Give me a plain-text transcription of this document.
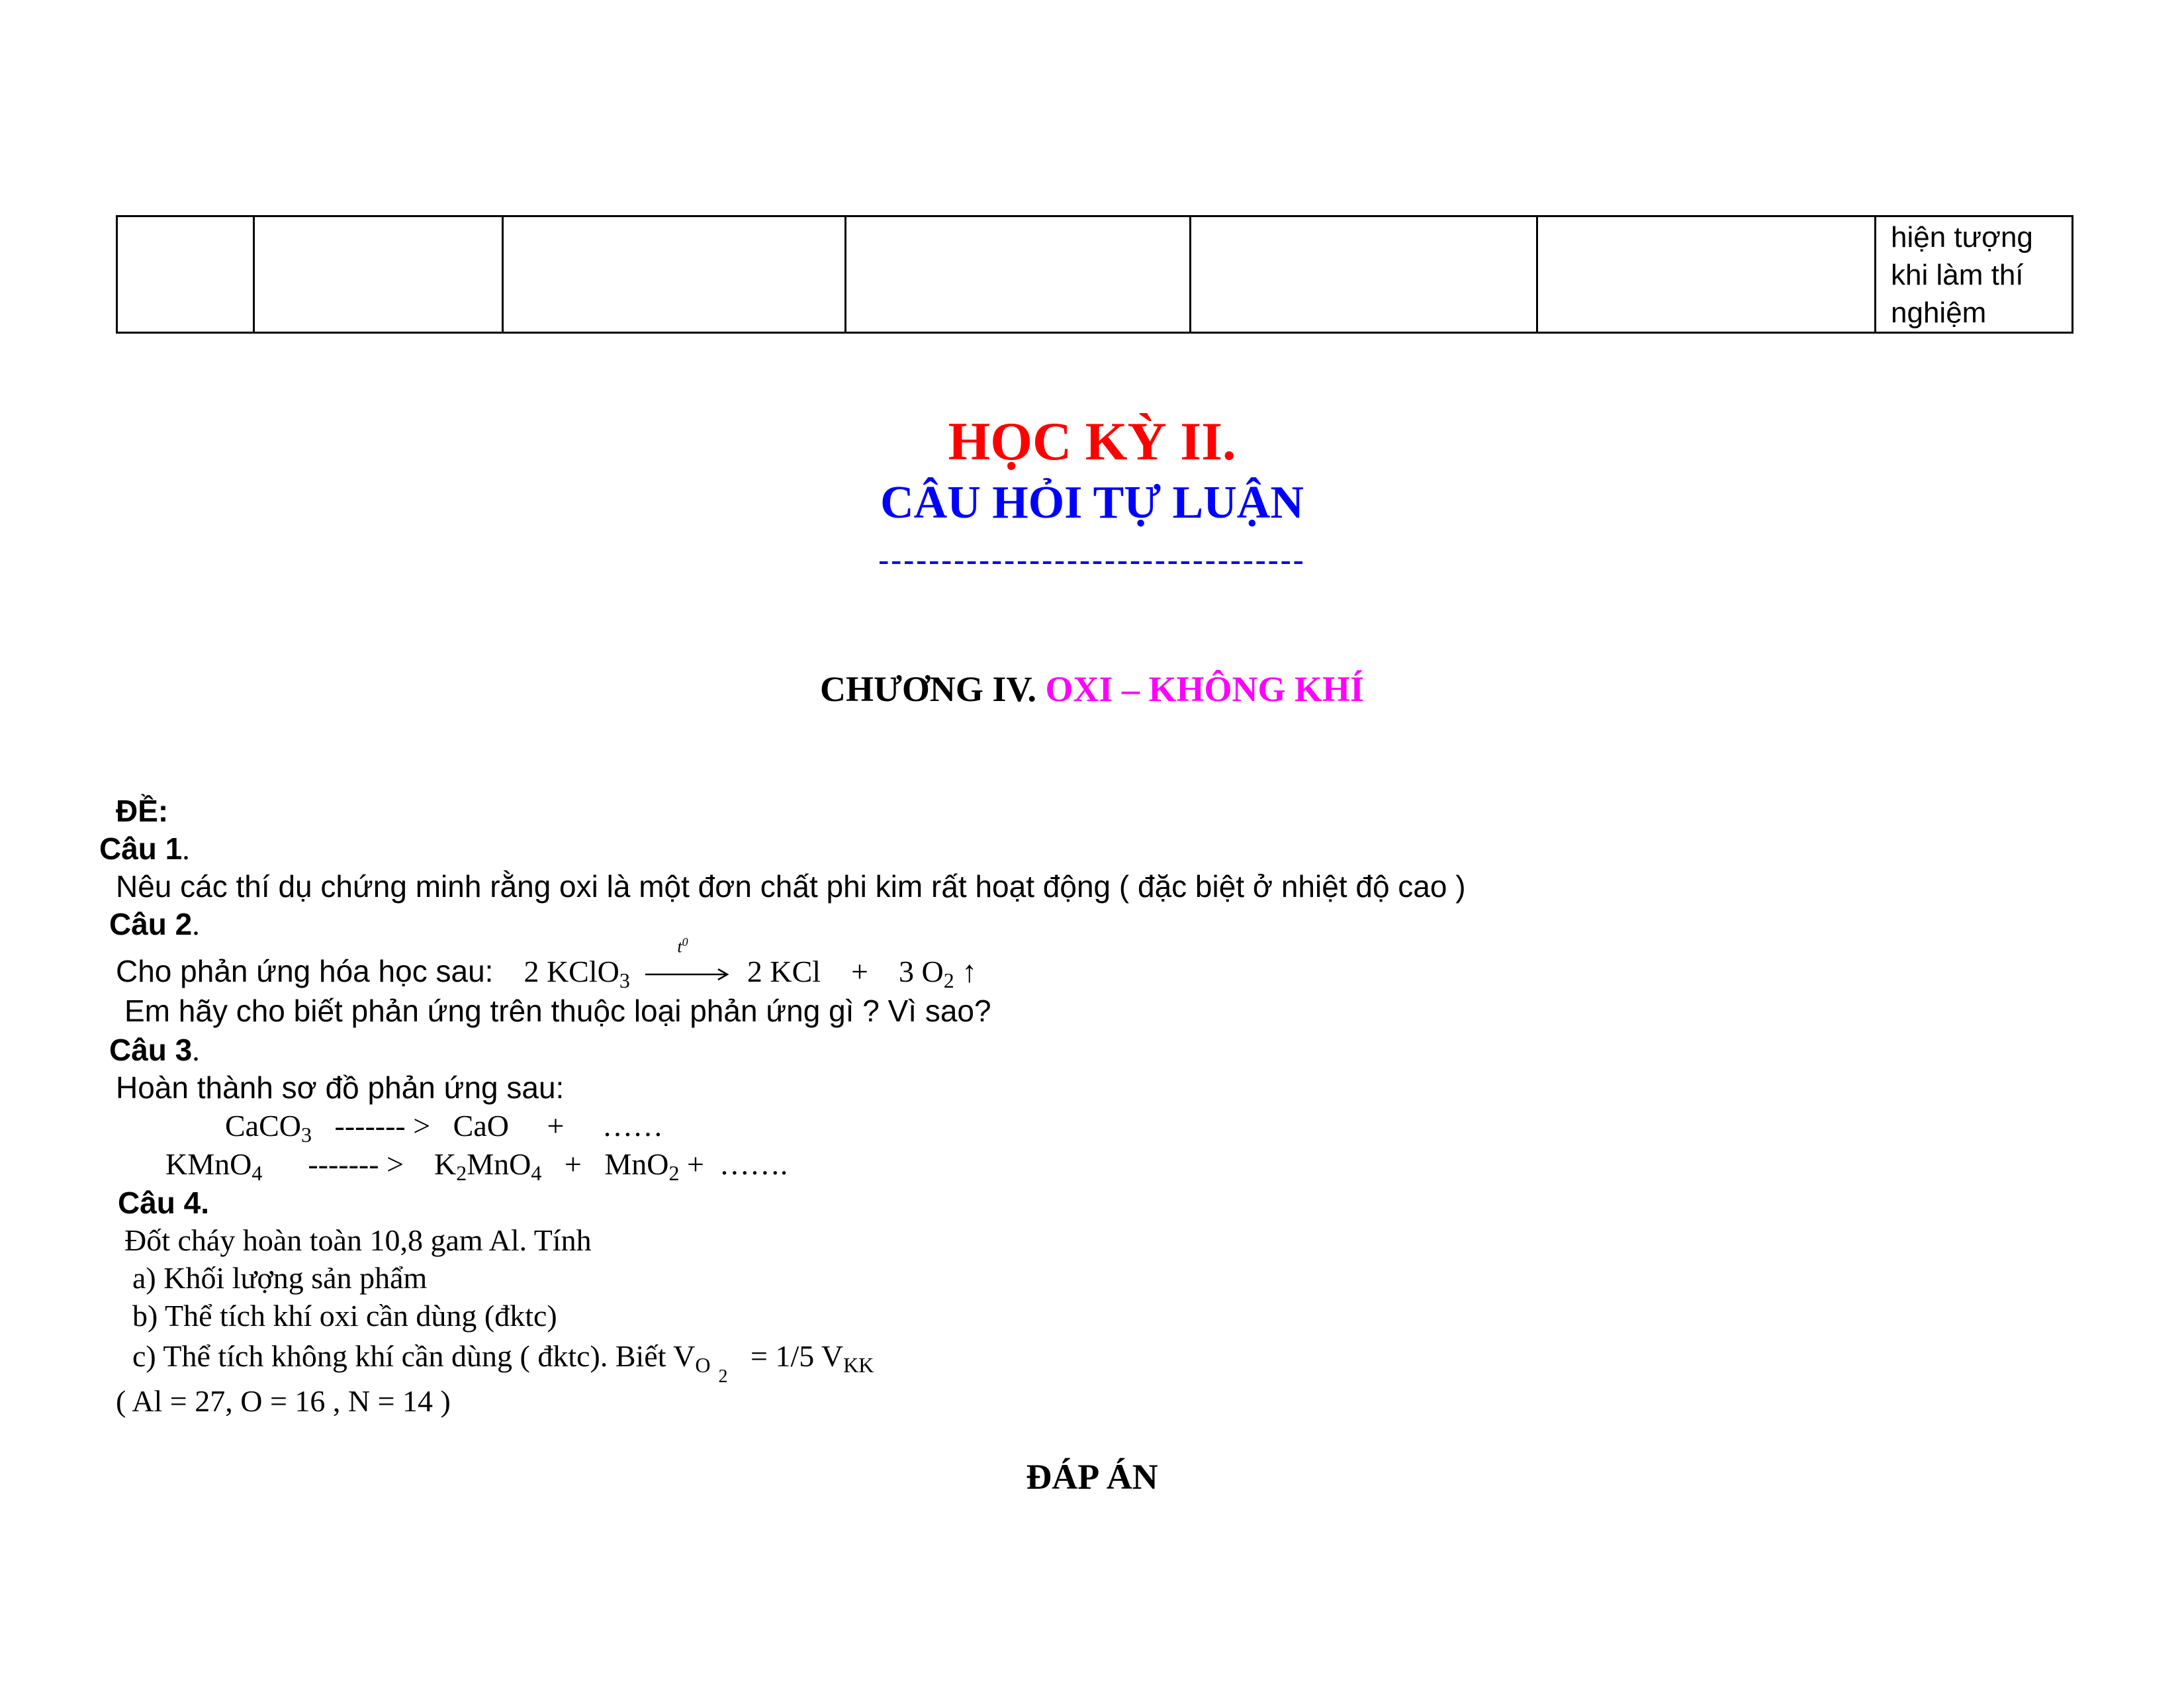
hiện tượng khi làm thí nghiệm
HỌC KỲ II.
CÂU HỎI TỰ LUẬN
----------------------------------
CHƯƠNG IV. OXI – KHÔNG KHÍ
ĐỀ:
Câu 1.
Nêu các thí dụ chứng minh rằng oxi là một đơn chất phi kim rất hoạt động ( đặc biệt ở nhiệt độ cao )
Câu 2.
Cho phản ứng hóa học sau: 2 KClO$_3$
$t^0$
2 KCl + 3 $O_2$ ↑
Em hãy cho biết phản ứng trên thuộc loại phản ứng gì ? Vì sao?
Câu 3.
Hoàn thành sơ đồ phản ứng sau:
CaCO$_3$ ------- > CaO + ……
KMnO$_4$ ------- > $K_2MnO_4 + MnO_2$ + …….
Câu 4.
Đốt cháy hoàn toàn 10,8 gam Al. Tính
a) Khối lượng sản phẩm
b) Thể tích khí oxi cần dùng (đktc)
c) Thể tích không khí cần dùng ( đktc). Biết $V_O$ $_2$   = 1/5 $V_{KK}$
( Al = 27, O = 16 , N = 14 )
ĐÁP ÁN
